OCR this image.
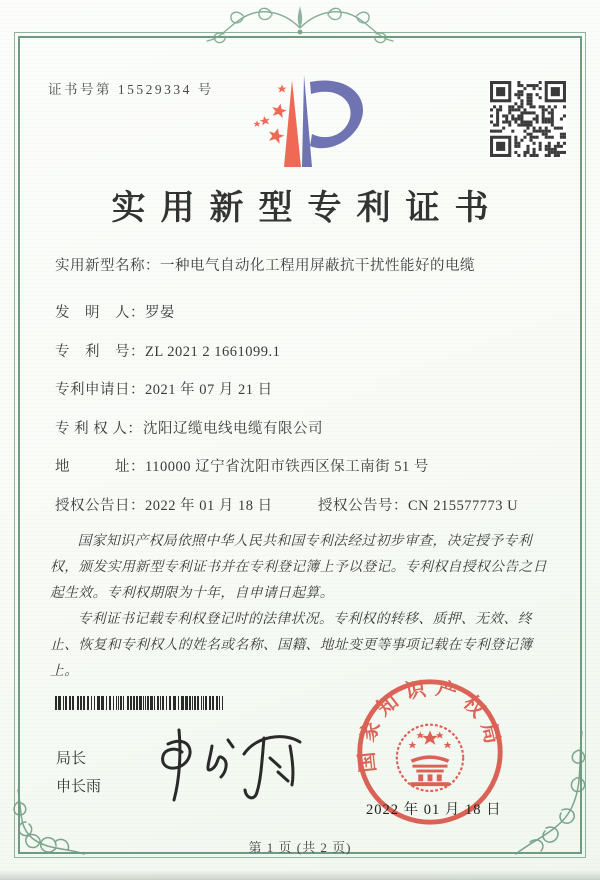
证书号第 15529334 号
实用新型专利证书
实用新型名称： 一种电气自动化工程用屏蔽抗干扰性能好的电缆
发　明　人： 罗晏
专　利　号： ZL 2021 2 1661099.1
专利申请日： 2021 年 07 月 21 日
专 利 权 人： 沈阳辽缆电线电缆有限公司
地　　　址： 110000 辽宁省沈阳市铁西区保工南街 51 号
授权公告日： 2022 年 01 月 18 日	授权公告号： CN 215577773 U

国家知识产权局依照中华人民共和国专利法经过初步审查，决定授予专利权，颁发实用新型专利证书并在专利登记簿上予以登记。专利权自授权公告之日起生效。专利权期限为十年，自申请日起算。

专利证书记载专利权登记时的法律状况。专利权的转移、质押、无效、终止、恢复和专利权人的姓名或名称、国籍、地址变更等事项记载在专利登记簿上。

局长
申长雨
国家知识产权局
2022 年 01 月 18 日
第 1 页 (共 2 页)
